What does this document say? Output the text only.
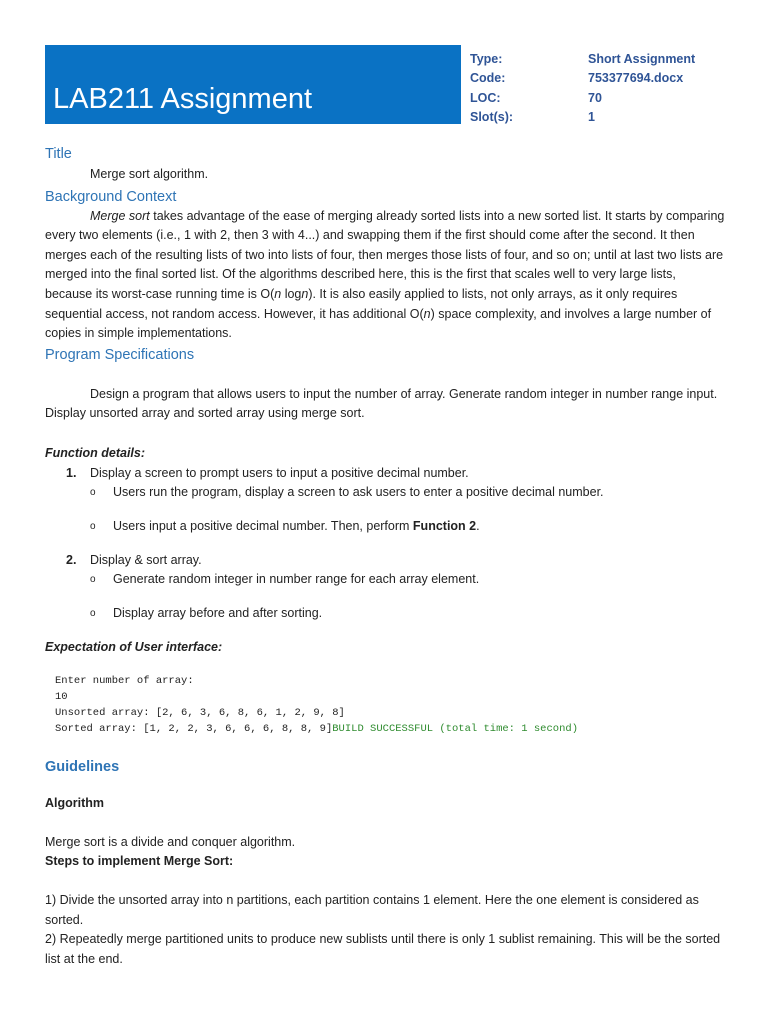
LAB211 Assignment
Type:	Short Assignment
Code:	753377694.docx
LOC:	70
Slot(s):	1
Title

Merge sort algorithm.

Background Context

Merge sort takes advantage of the ease of merging already sorted lists into a new sorted list. It starts by comparing every two elements (i.e., 1 with 2, then 3 with 4...) and swapping them if the first should come after the second. It then merges each of the resulting lists of two into lists of four, then merges those lists of four, and so on; until at last two lists are merged into the final sorted list. Of the algorithms described here, this is the first that scales well to very large lists, because its worst-case running time is O(n logn). It is also easily applied to lists, not only arrays, as it only requires sequential access, not random access. However, it has additional O(n) space complexity, and involves a large number of copies in simple implementations.

Program Specifications

Design a program that allows users to input the number of array. Generate random integer in number range input. Display unsorted array and sorted array using merge sort.

Function details:

1. Display a screen to prompt users to input a positive decimal number.
o Users run the program, display a screen to ask users to enter a positive decimal number.
o Users input a positive decimal number. Then, perform Function 2.
2. Display & sort array.
o Generate random integer in number range for each array element.
o Display array before and after sorting.

Expectation of User interface:

Enter number of array:
10
Unsorted array: [2, 6, 3, 6, 8, 6, 1, 2, 9, 8]
Sorted array: [1, 2, 2, 3, 6, 6, 6, 8, 8, 9]BUILD SUCCESSFUL (total time: 1 second)
Guidelines

Algorithm

Merge sort is a divide and conquer algorithm.

Steps to implement Merge Sort:

1) Divide the unsorted array into n partitions, each partition contains 1 element. Here the one element is considered as sorted.

2) Repeatedly merge partitioned units to produce new sublists until there is only 1 sublist remaining. This will be the sorted list at the end.
